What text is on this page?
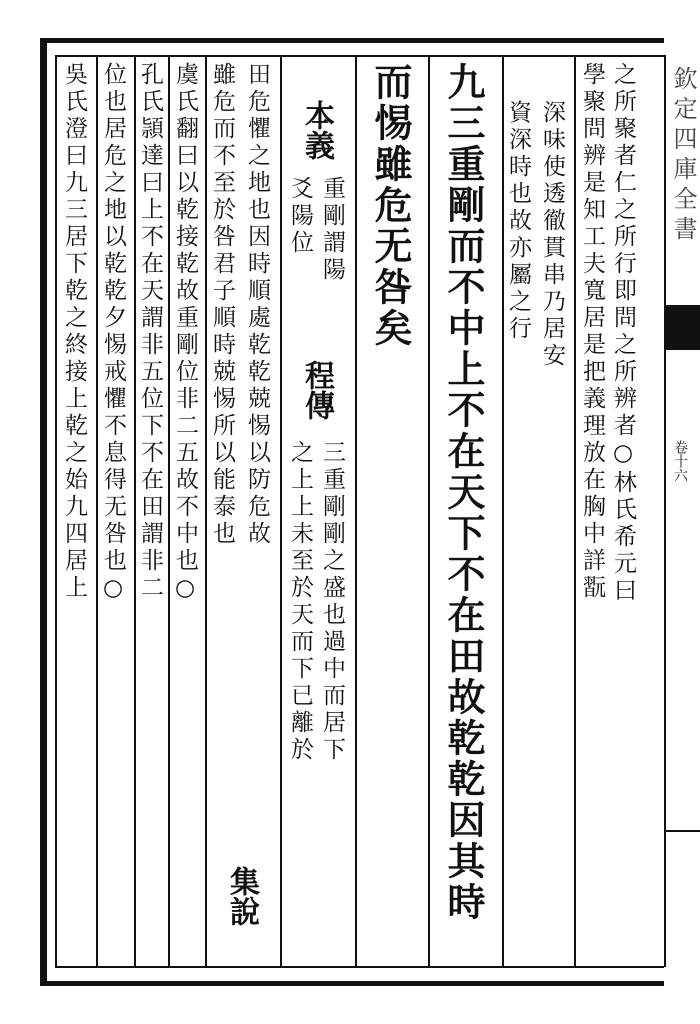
欽定四庫全書
卷十六
之所聚者仁之所行即問之所辨者○林氏希元曰
學聚問辨是知工夫寬居是把義理放在胸中詳翫
深味使透徹貫串乃居安
資深時也故亦屬之行
九三重剛而不中上不在天下不在田故乾乾因其時
而惕雖危无咎矣
本義
重剛謂陽
爻陽位
程傳
三重剛剛之盛也過中而居下
之上上未至於天而下已離於
田危懼之地也因時順處乾乾兢惕以防危故
集說
雖危而不至於咎君子順時兢惕所以能泰也
虞氏翻曰以乾接乾故重剛位非二五故不中也○
孔氏頴達曰上不在天謂非五位下不在田謂非二
位也居危之地以乾乾夕惕戒懼不息得无咎也○
吳氏澄曰九三居下乾之終接上乾之始九四居上
